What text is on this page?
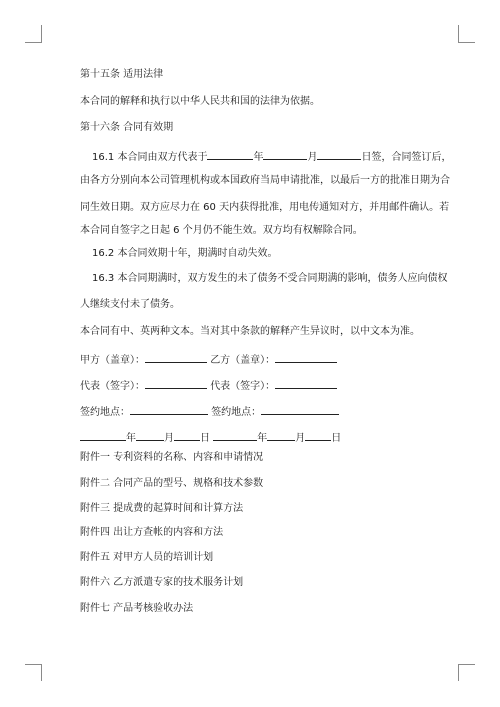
第十五条 适用法律
本合同的解释和执行以中华人民共和国的法律为依据。
第十六条 合同有效期
16.1 本合同由双方代表于	年	月	日签，合同签订后，
由各方分别向本公司管理机构或本国政府当局申请批准，以最后一方的批准日期为合
同生效日期。双方应尽力在 60 天内获得批准，用电传通知对方，并用邮件确认。若
本合同自签字之日起 6 个月仍不能生效。双方均有权解除合同。
16.2 本合同效期十年，期满时自动失效。
16.3 本合同期满时，双方发生的未了债务不受合同期满的影响，债务人应向债权
人继续支付未了债务。
本合同有中、英两种文本。当对其中条款的解释产生异议时，以中文本为准。
甲方（盖章）：	乙方（盖章）：
代表（签字）：	代表（签字）：
签约地点：	签约地点：
年	月	日	年	月	日
附件一 专利资料的名称、内容和申请情况
附件二 合同产品的型号、规格和技术参数
附件三 提成费的起算时间和计算方法
附件四 出让方查帐的内容和方法
附件五 对甲方人员的培训计划
附件六 乙方派遣专家的技术服务计划
附件七 产品考核验收办法
